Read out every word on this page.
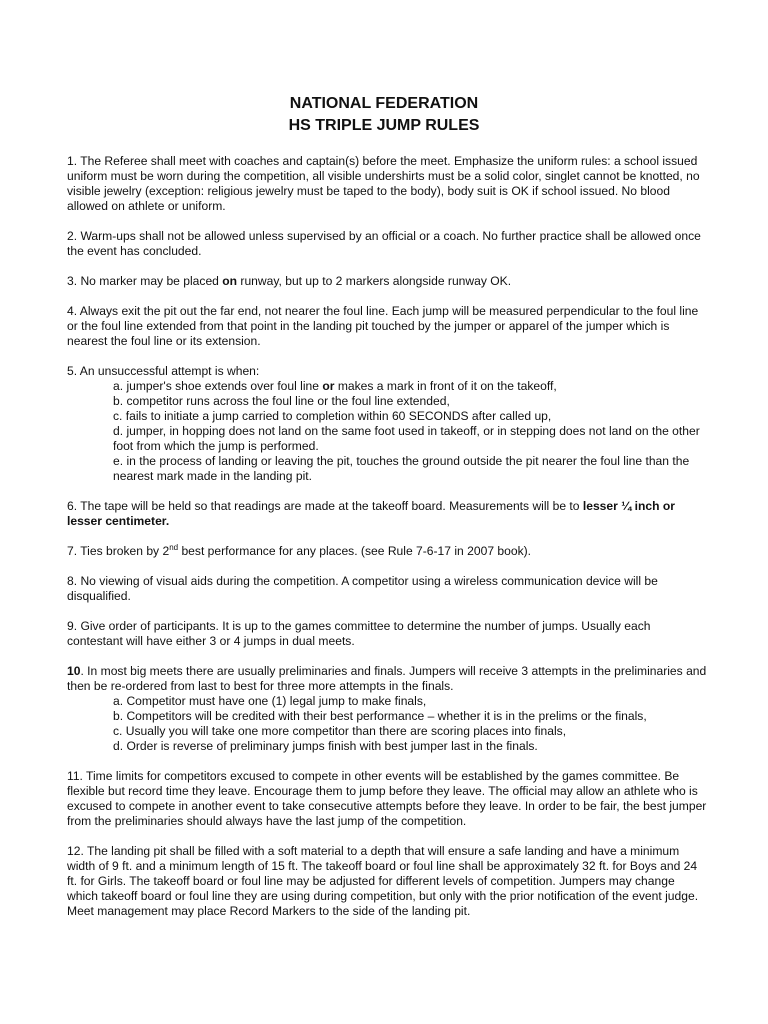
NATIONAL FEDERATION
HS TRIPLE JUMP RULES
1. The Referee shall meet with coaches and captain(s) before the meet. Emphasize the uniform rules: a school issued uniform must be worn during the competition, all visible undershirts must be a solid color, singlet cannot be knotted, no visible jewelry (exception: religious jewelry must be taped to the body), body suit is OK if school issued. No blood allowed on athlete or uniform.
2. Warm-ups shall not be allowed unless supervised by an official or a coach. No further practice shall be allowed once the event has concluded.
3. No marker may be placed on runway, but up to 2 markers alongside runway OK.
4. Always exit the pit out the far end, not nearer the foul line. Each jump will be measured perpendicular to the foul line or the foul line extended from that point in the landing pit touched by the jumper or apparel of the jumper which is nearest the foul line or its extension.
5. An unsuccessful attempt is when:
a. jumper's shoe extends over foul line or makes a mark in front of it on the takeoff,
b. competitor runs across the foul line or the foul line extended,
c. fails to initiate a jump carried to completion within 60 SECONDS after called up,
d. jumper, in hopping does not land on the same foot used in takeoff, or in stepping does not land on the other foot from which the jump is performed.
e. in the process of landing or leaving the pit, touches the ground outside the pit nearer the foul line than the nearest mark made in the landing pit.
6. The tape will be held so that readings are made at the takeoff board. Measurements will be to lesser ¼ inch or lesser centimeter.
7. Ties broken by 2nd best performance for any places. (see Rule 7-6-17 in 2007 book).
8. No viewing of visual aids during the competition. A competitor using a wireless communication device will be disqualified.
9. Give order of participants. It is up to the games committee to determine the number of jumps. Usually each contestant will have either 3 or 4 jumps in dual meets.
10. In most big meets there are usually preliminaries and finals. Jumpers will receive 3 attempts in the preliminaries and then be re-ordered from last to best for three more attempts in the finals.
a. Competitor must have one (1) legal jump to make finals,
b. Competitors will be credited with their best performance – whether it is in the prelims or the finals,
c. Usually you will take one more competitor than there are scoring places into finals,
d. Order is reverse of preliminary jumps finish with best jumper last in the finals.
11. Time limits for competitors excused to compete in other events will be established by the games committee. Be flexible but record time they leave. Encourage them to jump before they leave. The official may allow an athlete who is excused to compete in another event to take consecutive attempts before they leave. In order to be fair, the best jumper from the preliminaries should always have the last jump of the competition.
12. The landing pit shall be filled with a soft material to a depth that will ensure a safe landing and have a minimum width of 9 ft. and a minimum length of 15 ft. The takeoff board or foul line shall be approximately 32 ft. for Boys and 24 ft. for Girls. The takeoff board or foul line may be adjusted for different levels of competition. Jumpers may change which takeoff board or foul line they are using during competition, but only with the prior notification of the event judge. Meet management may place Record Markers to the side of the landing pit.
